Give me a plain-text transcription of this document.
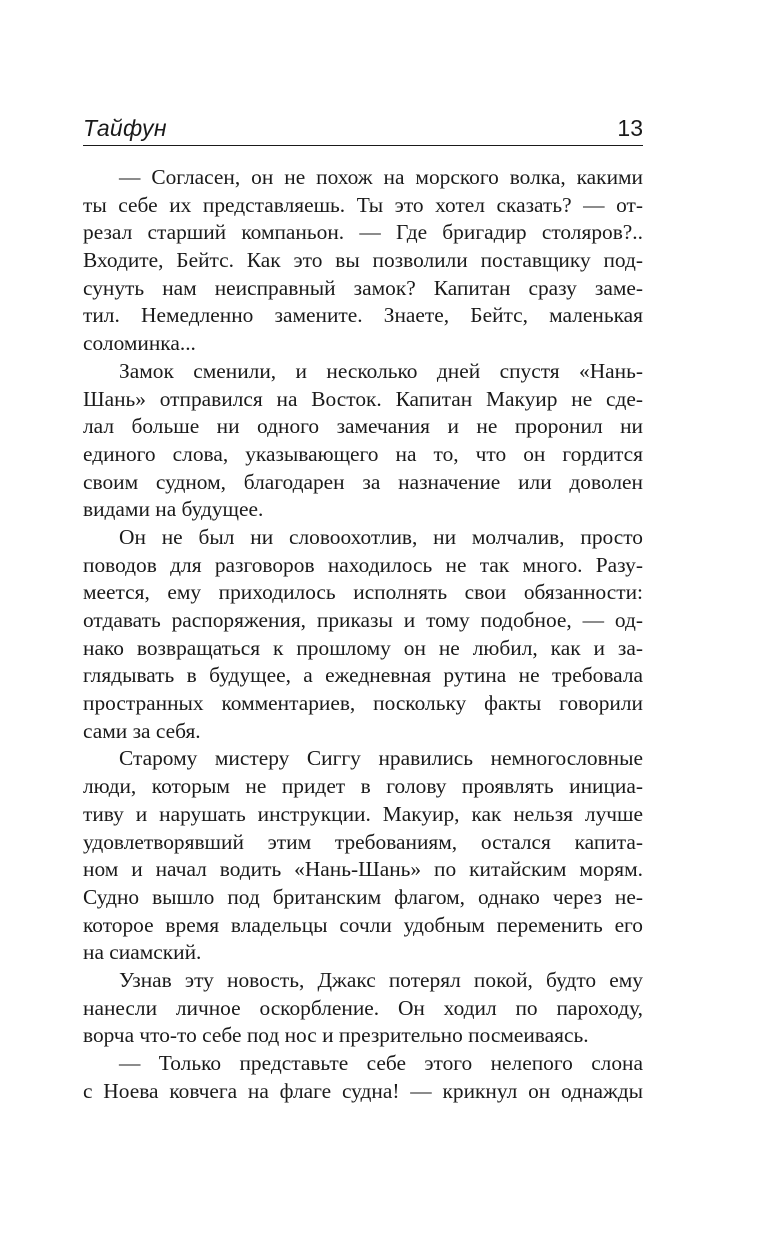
Тайфун	13
— Согласен, он не похож на морского волка, какими
ты себе их представляешь. Ты это хотел сказать? — от-
резал старший компаньон. — Где бригадир столяров?..
Входите, Бейтс. Как это вы позволили поставщику под-
сунуть нам неисправный замок? Капитан сразу заме-
тил. Немедленно замените. Знаете, Бейтс, маленькая
соломинка...
Замок сменили, и несколько дней спустя «Нань-
Шань» отправился на Восток. Капитан Макуир не сде-
лал больше ни одного замечания и не проронил ни
единого слова, указывающего на то, что он гордится
своим судном, благодарен за назначение или доволен
видами на будущее.
Он не был ни словоохотлив, ни молчалив, просто
поводов для разговоров находилось не так много. Разу-
меется, ему приходилось исполнять свои обязанности:
отдавать распоряжения, приказы и тому подобное, — од-
нако возвращаться к прошлому он не любил, как и за-
глядывать в будущее, а ежедневная рутина не требовала
пространных комментариев, поскольку факты говорили
сами за себя.
Старому мистеру Сиггу нравились немногословные
люди, которым не придет в голову проявлять инициа-
тиву и нарушать инструкции. Макуир, как нельзя лучше
удовлетворявший этим требованиям, остался капита-
ном и начал водить «Нань-Шань» по китайским морям.
Судно вышло под британским флагом, однако через не-
которое время владельцы сочли удобным переменить его
на сиамский.
Узнав эту новость, Джакс потерял покой, будто ему
нанесли личное оскорбление. Он ходил по пароходу,
ворча что-то себе под нос и презрительно посмеиваясь.
— Только представьте себе этого нелепого слона
с Ноева ковчега на флаге судна! — крикнул он однажды
